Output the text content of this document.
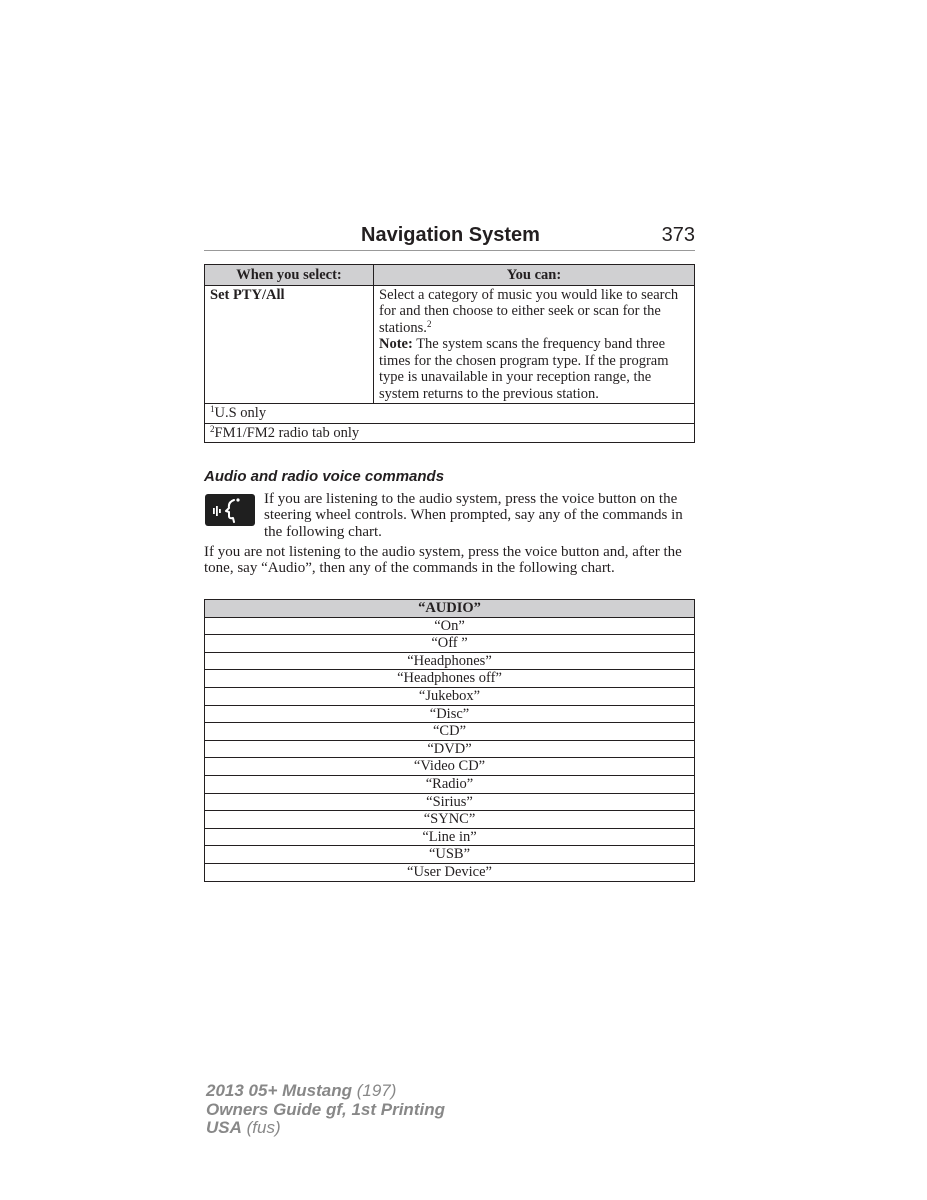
Navigation System	373
When you select:	You can:
Set PTY/All	Select a category of music you would like to search for and then choose to either seek or scan for the stations.$^2$
Note: The system scans the frequency band three times for the chosen program type. If the program type is unavailable in your reception range, the system returns to the previous station.
$^1$U.S only	
$^2$FM1/FM2 radio tab only	
Audio and radio voice commands
If you are listening to the audio system, press the voice button on the steering wheel controls. When prompted, say any of the commands in the following chart.
If you are not listening to the audio system, press the voice button and, after the tone, say “Audio”, then any of the commands in the following chart.
“AUDIO”
“On”
“Off ”
“Headphones”
“Headphones off”
“Jukebox”
“Disc”
“CD”
“DVD”
“Video CD”
“Radio”
“Sirius”
“SYNC”
“Line in”
“USB”
“User Device”
2013 05+ Mustang (197)
Owners Guide gf, 1st Printing
USA (fus)
